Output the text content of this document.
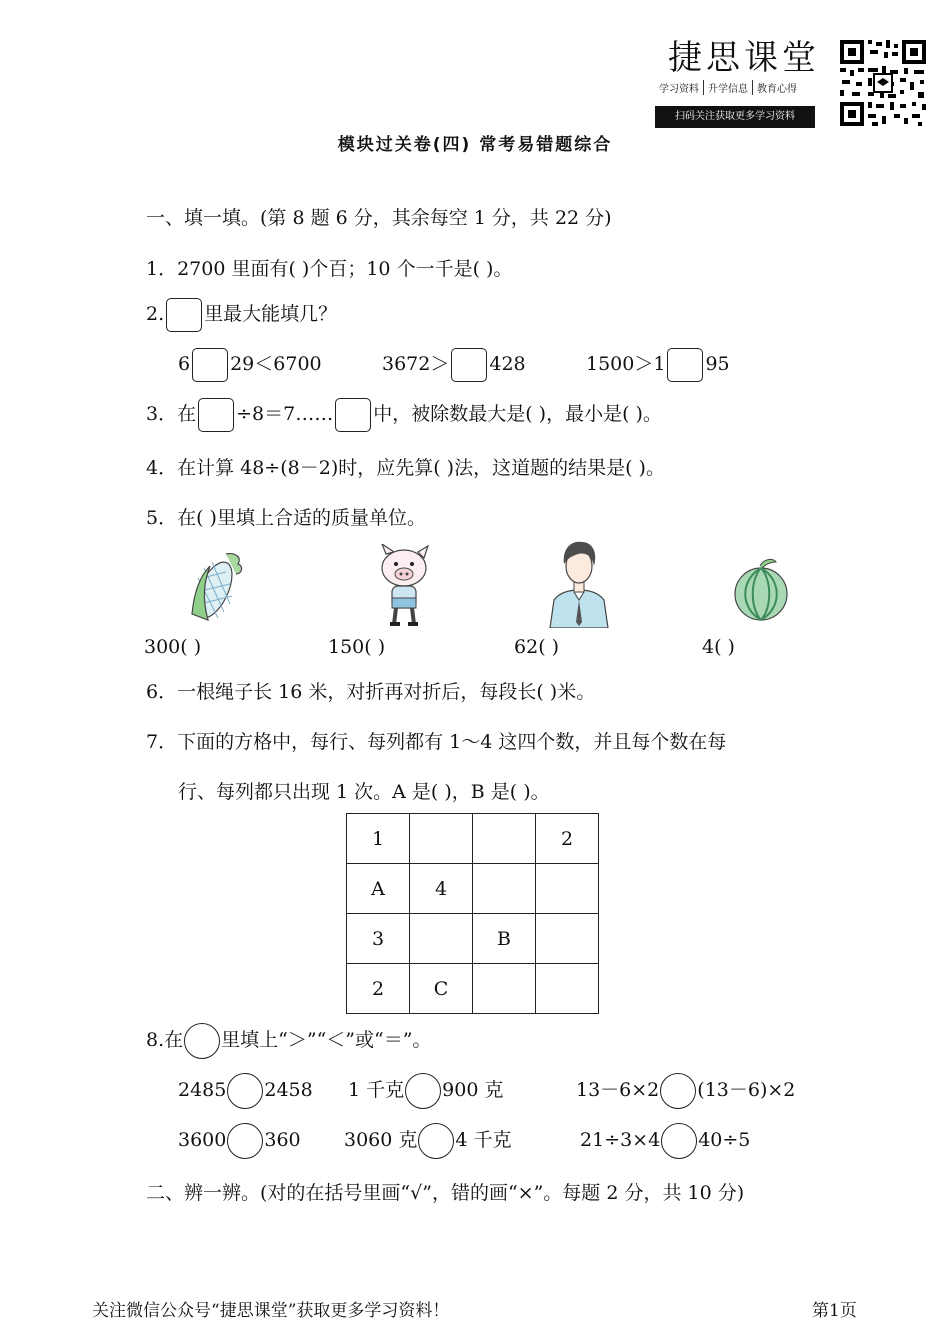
捷思课堂
学习资料 升学信息 教育心得
扫码关注获取更多学习资料
模块过关卷(四) 常考易错题综合
一、填一填。(第 8 题 6 分，其余每空 1 分，共 22 分)
1．2700 里面有( )个百；10 个一千是( )。
2. 里最大能填几？
6 29＜6700	3672＞ 428	1500＞1 95
3．在 ÷8＝7…… 中，被除数最大是( )，最小是( )。
4．在计算 48÷(8－2)时，应先算( )法，这道题的结果是( )。
5．在( )里填上合适的质量单位。
300( )	150( )	62( )	4( )
6．一根绳子长 16 米，对折再对折后，每段长( )米。
7．下面的方格中，每行、每列都有 1～4 这四个数，并且每个数在每
行、每列都只出现 1 次。A 是( )，B 是( )。
1			2
A	4		
3		B	
2	C		
8.在 里填上“＞”“＜”或“＝”。
2485 2458 1 千克 900 克	13－6×2 (13－6)×2
3600 360 3060 克 4 千克	21÷3×4 40÷5
二、辨一辨。(对的在括号里画“√”，错的画“×”。每题 2 分，共 10 分)
关注微信公众号“捷思课堂”获取更多学习资料！	第1页
